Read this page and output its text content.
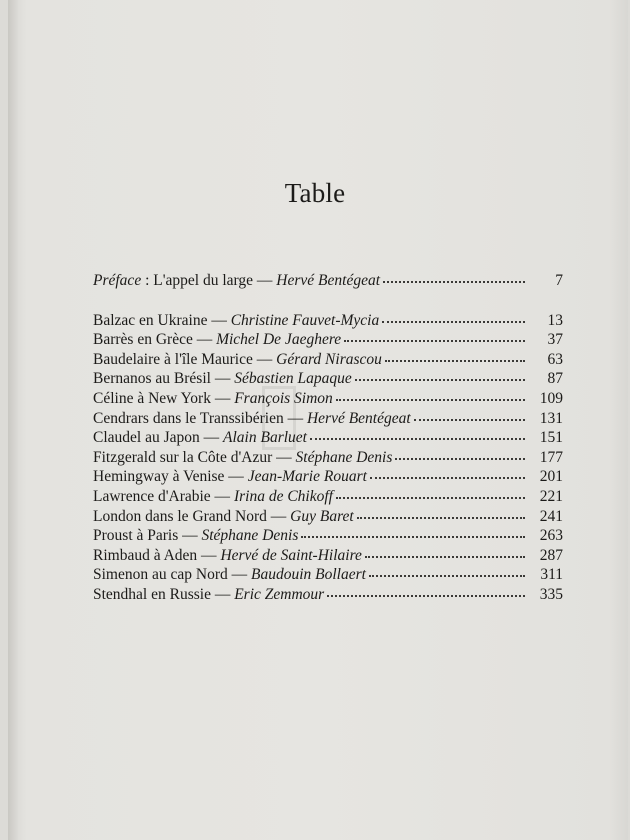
Table
Préface : L'appel du large — Hervé Bentégeat	7
Balzac en Ukraine — Christine Fauvet-Mycia	13
Barrès en Grèce — Michel De Jaeghere	37
Baudelaire à l'île Maurice — Gérard Nirascou	63
Bernanos au Brésil — Sébastien Lapaque	87
Céline à New York — François Simon	109
Cendrars dans le Transsibérien — Hervé Bentégeat	131
Claudel au Japon — Alain Barluet	151
Fitzgerald sur la Côte d'Azur — Stéphane Denis	177
Hemingway à Venise — Jean-Marie Rouart	201
Lawrence d'Arabie — Irina de Chikoff	221
London dans le Grand Nord — Guy Baret	241
Proust à Paris — Stéphane Denis	263
Rimbaud à Aden — Hervé de Saint-Hilaire	287
Simenon au cap Nord — Baudouin Bollaert	311
Stendhal en Russie — Eric Zemmour	335
